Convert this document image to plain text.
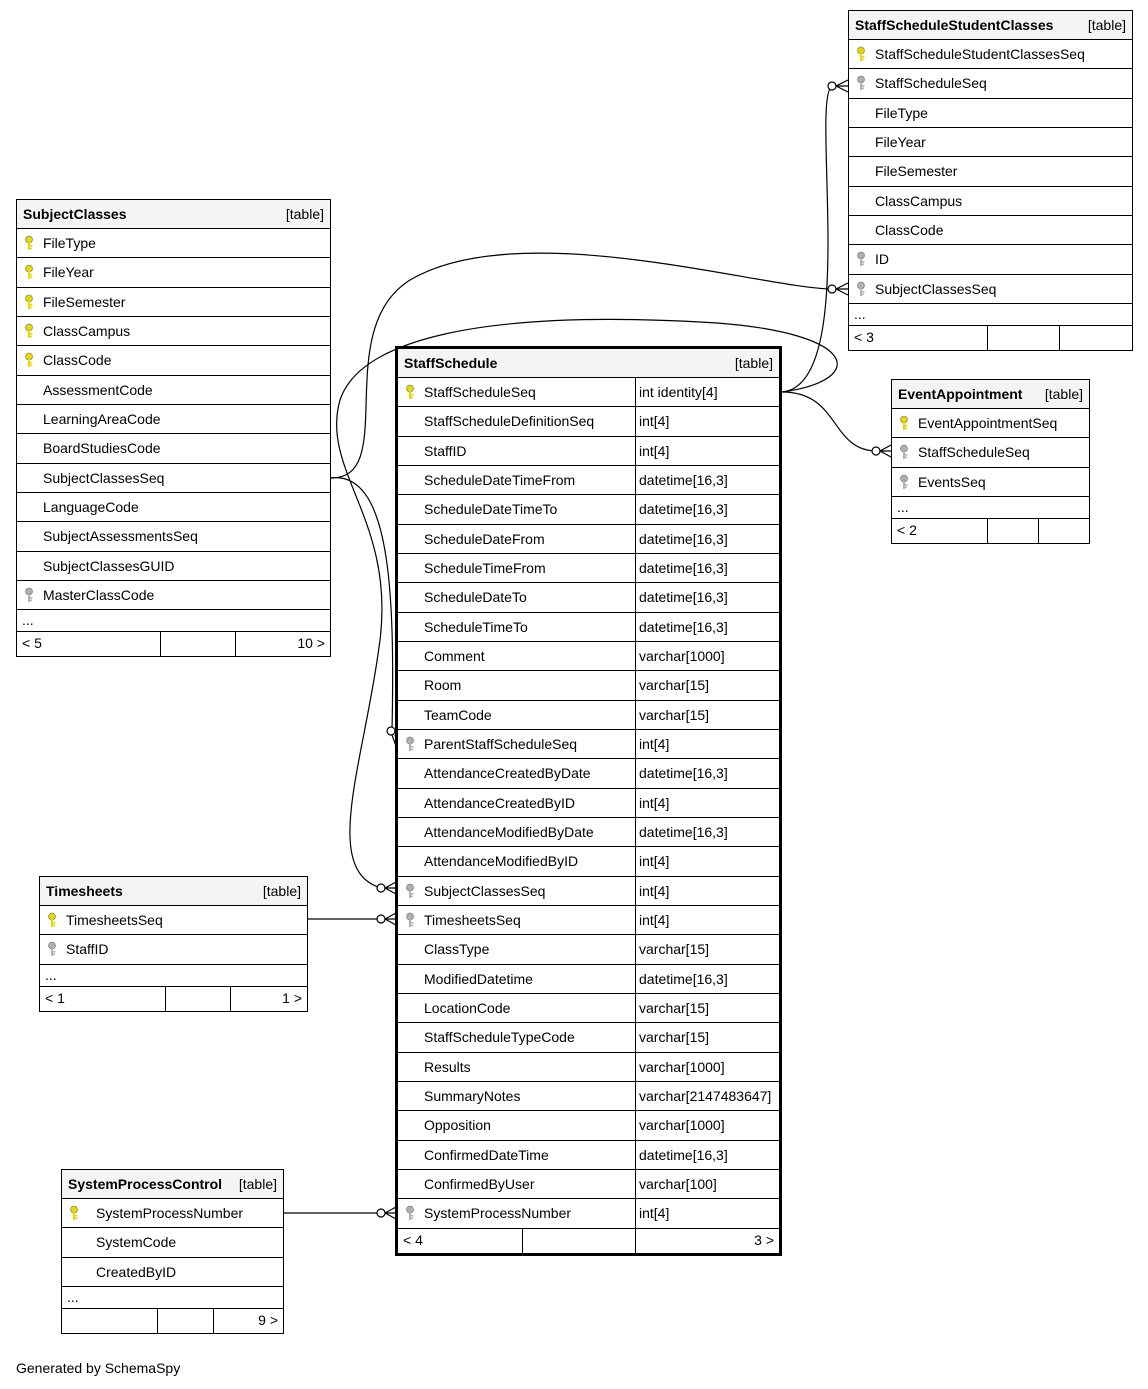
SubjectClasses	[table]
FileType
FileYear
FileSemester
ClassCampus
ClassCode
AssessmentCode
LearningAreaCode
BoardStudiesCode
SubjectClassesSeq
LanguageCode
SubjectAssessmentsSeq
SubjectClassesGUID
MasterClassCode
...
< 5	10 >
StaffSchedule	[table]
StaffScheduleSeq	int identity[4]
StaffScheduleDefinitionSeq	int[4]
StaffID	int[4]
ScheduleDateTimeFrom	datetime[16,3]
ScheduleDateTimeTo	datetime[16,3]
ScheduleDateFrom	datetime[16,3]
ScheduleTimeFrom	datetime[16,3]
ScheduleDateTo	datetime[16,3]
ScheduleTimeTo	datetime[16,3]
Comment	varchar[1000]
Room	varchar[15]
TeamCode	varchar[15]
ParentStaffScheduleSeq	int[4]
AttendanceCreatedByDate	datetime[16,3]
AttendanceCreatedByID	int[4]
AttendanceModifiedByDate	datetime[16,3]
AttendanceModifiedByID	int[4]
SubjectClassesSeq	int[4]
TimesheetsSeq	int[4]
ClassType	varchar[15]
ModifiedDatetime	datetime[16,3]
LocationCode	varchar[15]
StaffScheduleTypeCode	varchar[15]
Results	varchar[1000]
SummaryNotes	varchar[2147483647]
Opposition	varchar[1000]
ConfirmedDateTime	datetime[16,3]
ConfirmedByUser	varchar[100]
SystemProcessNumber	int[4]
< 4	3 >
StaffScheduleStudentClasses [table]
StaffScheduleStudentClassesSeq
StaffScheduleSeq
FileType
FileYear
FileSemester
ClassCampus
ClassCode
ID
SubjectClassesSeq
...
< 3
EventAppointment [table]
EventAppointmentSeq
StaffScheduleSeq
EventsSeq
...
< 2
Timesheets	[table]
TimesheetsSeq
StaffID
...
< 1	1 >
SystemProcessControl [table]
SystemProcessNumber
SystemCode
CreatedByID
...
9 >
Generated by SchemaSpy
